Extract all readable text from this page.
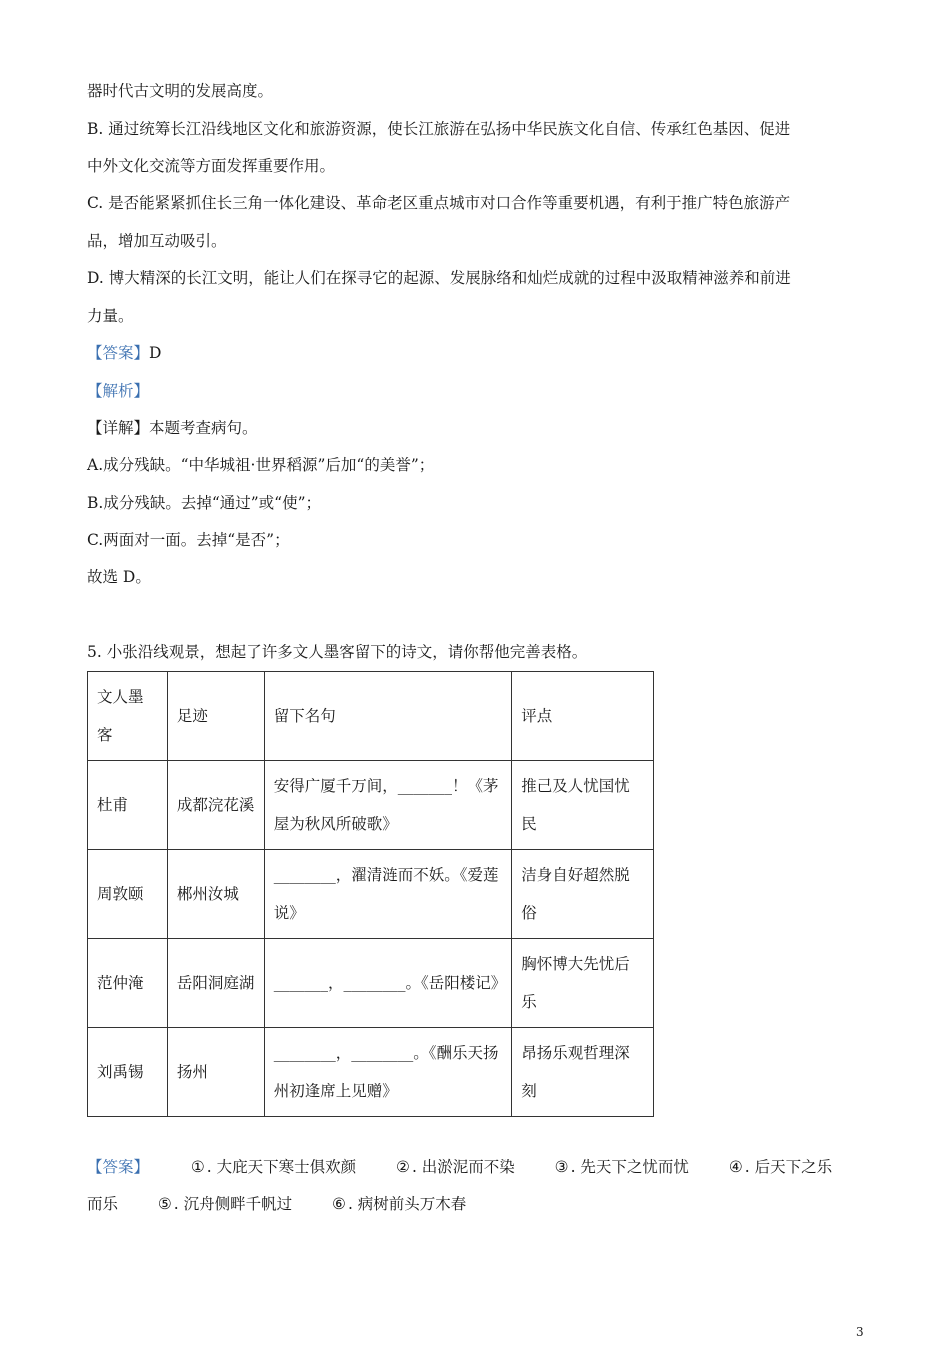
器时代古文明的发展高度。
B. 通过统筹长江沿线地区文化和旅游资源，使长江旅游在弘扬中华民族文化自信、传承红色基因、促进
中外文化交流等方面发挥重要作用。
C. 是否能紧紧抓住长三角一体化建设、革命老区重点城市对口合作等重要机遇，有利于推广特色旅游产
品，增加互动吸引。
D. 博大精深的长江文明，能让人们在探寻它的起源、发展脉络和灿烂成就的过程中汲取精神滋养和前进
力量。
【答案】D
【解析】
【详解】本题考查病句。
A.成分残缺。“中华城祖·世界稻源”后加“的美誉”；
B.成分残缺。去掉“通过”或“使”；
C.两面对一面。去掉“是否”；
故选 D。
5. 小张沿线观景，想起了许多文人墨客留下的诗文，请你帮他完善表格。
文人墨客	足迹	留下名句	评点
杜甫	成都浣花溪	安得广厦千万间，_______！《茅屋为秋风所破歌》	推己及人忧国忧民
周敦颐	郴州汝城	________，濯清涟而不妖。《爱莲说》	洁身自好超然脱俗
范仲淹	岳阳洞庭湖	_______，________。《岳阳楼记》	胸怀博大先忧后乐
刘禹锡	扬州	________，________。《酬乐天扬州初逢席上见赠》	昂扬乐观哲理深刻
【答案】	① . 大庇天下寒士俱欢颜	② . 出淤泥而不染	③ . 先天下之忧而忧	④ . 后天下之乐
而乐	⑤ . 沉舟侧畔千帆过	⑥ . 病树前头万木春
3
